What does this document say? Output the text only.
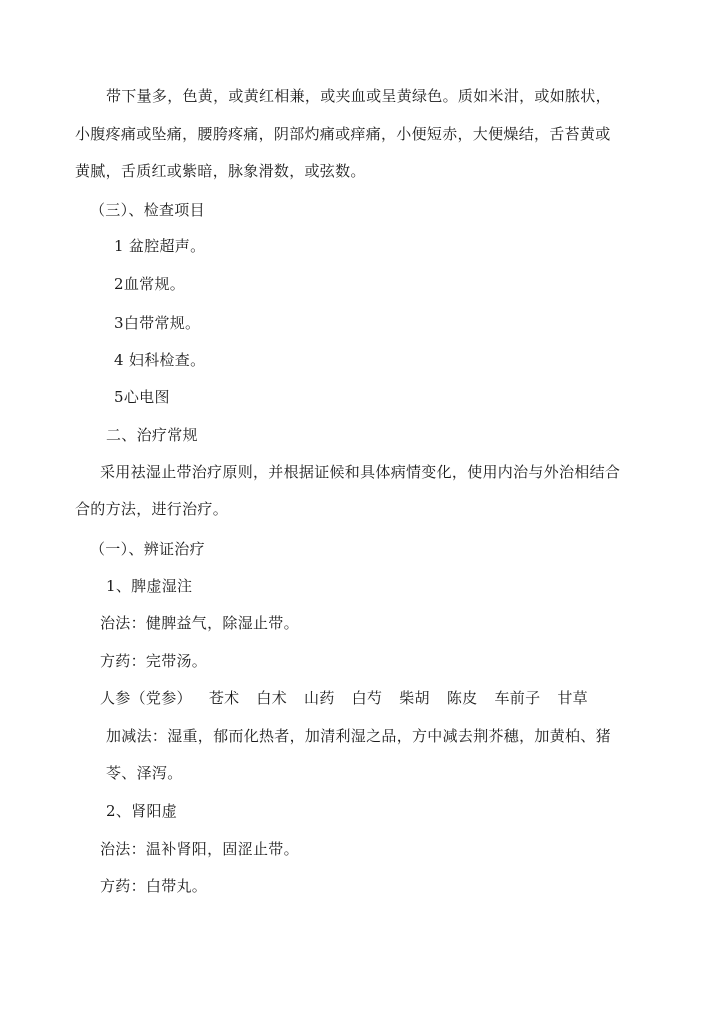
带下量多，色黄，或黄红相兼，或夹血或呈黄绿色。质如米泔，或如脓状，
小腹疼痛或坠痛，腰胯疼痛，阴部灼痛或痒痛，小便短赤，大便燥结，舌苔黄或
黄腻，舌质红或紫暗，脉象滑数，或弦数。
（三）、检查项目
1 盆腔超声。
2血常规。
3白带常规。
4 妇科检查。
5心电图
二、治疗常规
采用祛湿止带治疗原则，并根据证候和具体病情变化，使用内治与外治相结合
合的方法，进行治疗。
（一）、辨证治疗
1、脾虚湿注
治法：健脾益气，除湿止带。
方药：完带汤。
人参（党参） 苍术 白术 山药 白芍 柴胡 陈皮 车前子 甘草
加减法：湿重，郁而化热者，加清利湿之品，方中减去荆芥穗，加黄柏、猪
苓、泽泻。
2、肾阳虚
治法：温补肾阳，固涩止带。
方药：白带丸。
